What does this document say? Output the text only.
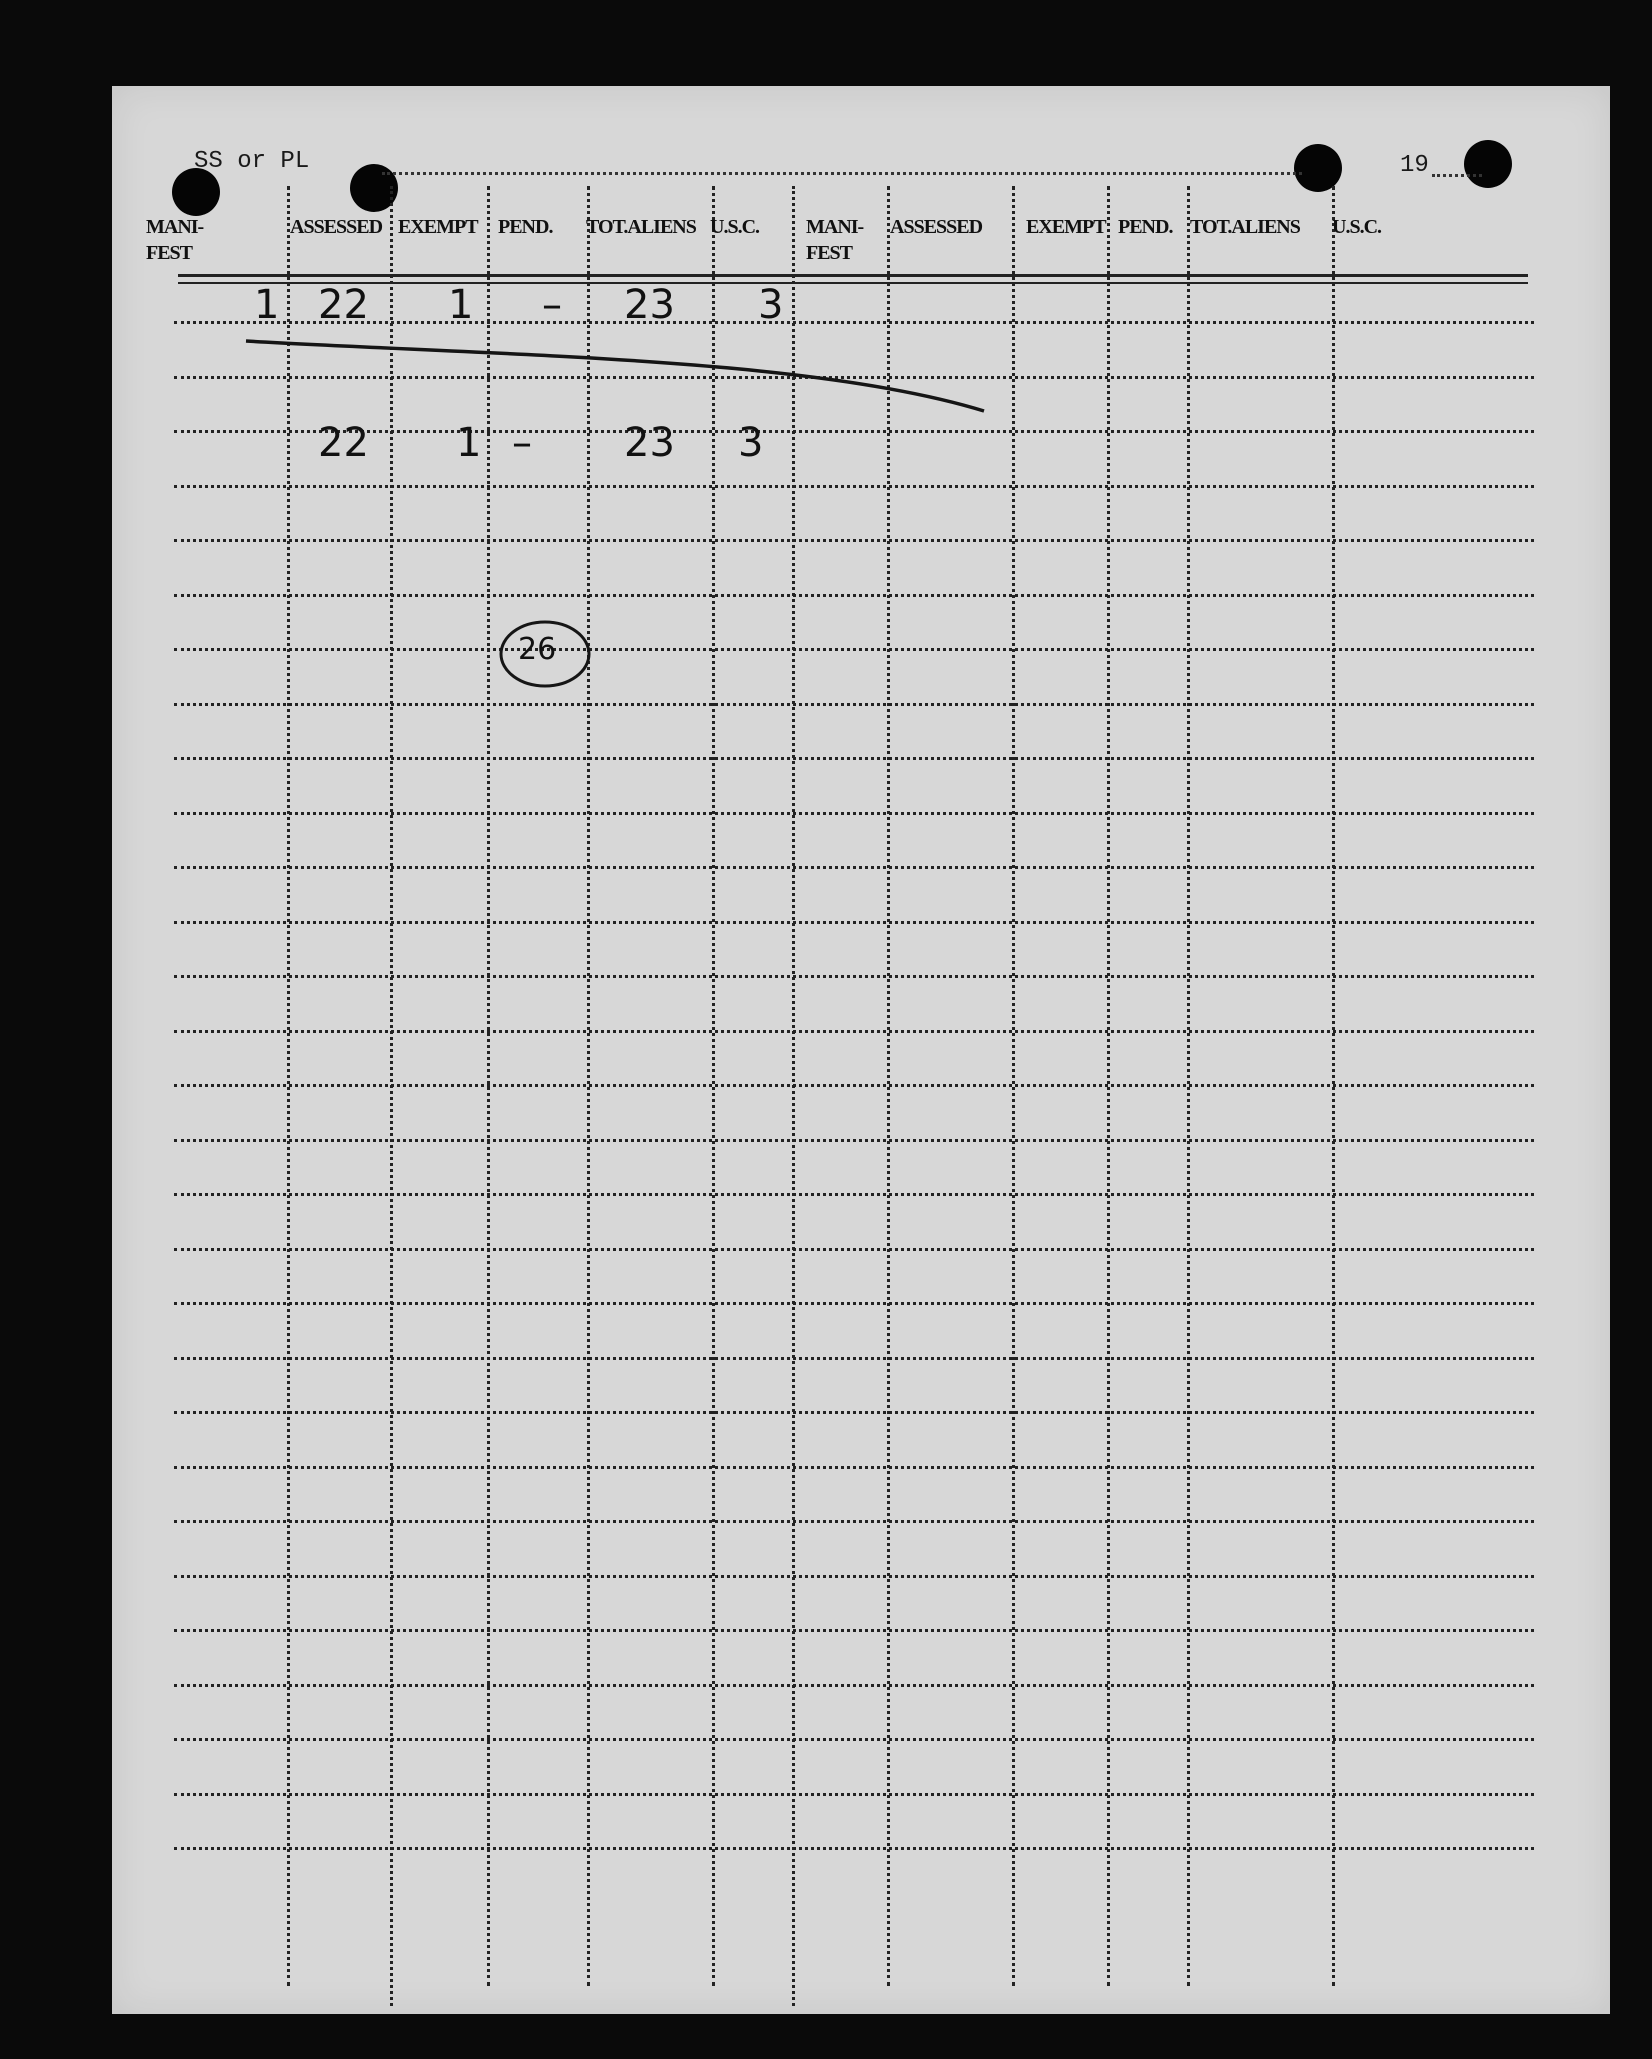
SS or PL	19
MANI-
FEST
ASSESSED EXEMPT PEND. TOT.ALIENS U.S.C. MANI-
FEST
ASSESSED EXEMPT PEND. TOT.ALIENS U.S.C.
1 22 1 – 23 3
22 1 – 23 3
26
